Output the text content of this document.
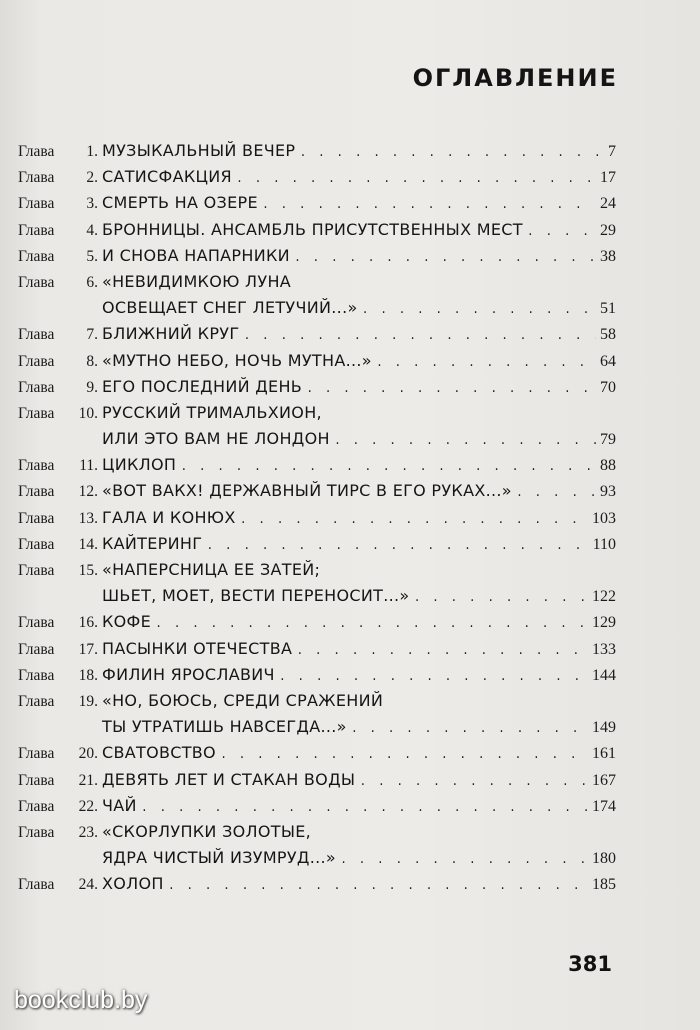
ОГЛАВЛЕНИЕ
Глава	1. МУЗЫКАЛЬНЫЙ ВЕЧЕР . . .	7
Глава	2. САТИСФАКЦИЯ . . .	17
Глава	3. СМЕРТЬ НА ОЗЕРЕ . . .	24
Глава	4. БРОННИЦЫ. АНСАМБЛЬ ПРИСУТСТВЕННЫХ МЕСТ . . .	29
Глава	5. И СНОВА НАПАРНИКИ . . .	38
Глава	6. «НЕВИДИМКОЮ ЛУНА
ОСВЕЩАЕТ СНЕГ ЛЕТУЧИЙ...» . . .	51
Глава	7. БЛИЖНИЙ КРУГ . . .	58
Глава	8. «МУТНО НЕБО, НОЧЬ МУТНА...» . . .	64
Глава	9. ЕГО ПОСЛЕДНИЙ ДЕНЬ . . .	70
Глава	10. РУССКИЙ ТРИМАЛЬХИОН,
ИЛИ ЭТО ВАМ НЕ ЛОНДОН . . .	79
Глава	11. ЦИКЛОП . . .	88
Глава	12. «ВОТ ВАКХ! ДЕРЖАВНЫЙ ТИРС В ЕГО РУКАХ...» . . .	93
Глава	13. ГАЛА И КОНЮХ . . .	103
Глава	14. КАЙТЕРИНГ . . .	110
Глава	15. «НАПЕРСНИЦА ЕЕ ЗАТЕЙ;
ШЬЕТ, МОЕТ, ВЕСТИ ПЕРЕНОСИТ...» . . .	122
Глава	16. КОФЕ . . .	129
Глава	17. ПАСЫНКИ ОТЕЧЕСТВА . . .	133
Глава	18. ФИЛИН ЯРОСЛАВИЧ . . .	144
Глава	19. «НО, БОЮСЬ, СРЕДИ СРАЖЕНИЙ
ТЫ УТРАТИШЬ НАВСЕГДА...» . . .	149
Глава	20. СВАТОВСТВО . . .	161
Глава	21. ДЕВЯТЬ ЛЕТ И СТАКАН ВОДЫ . . .	167
Глава	22. ЧАЙ . . .	174
Глава	23. «СКОРЛУПКИ ЗОЛОТЫЕ,
ЯДРА ЧИСТЫЙ ИЗУМРУД...» . . .	180
Глава	24. ХОЛОП . . .	185
381
bookclub.by
